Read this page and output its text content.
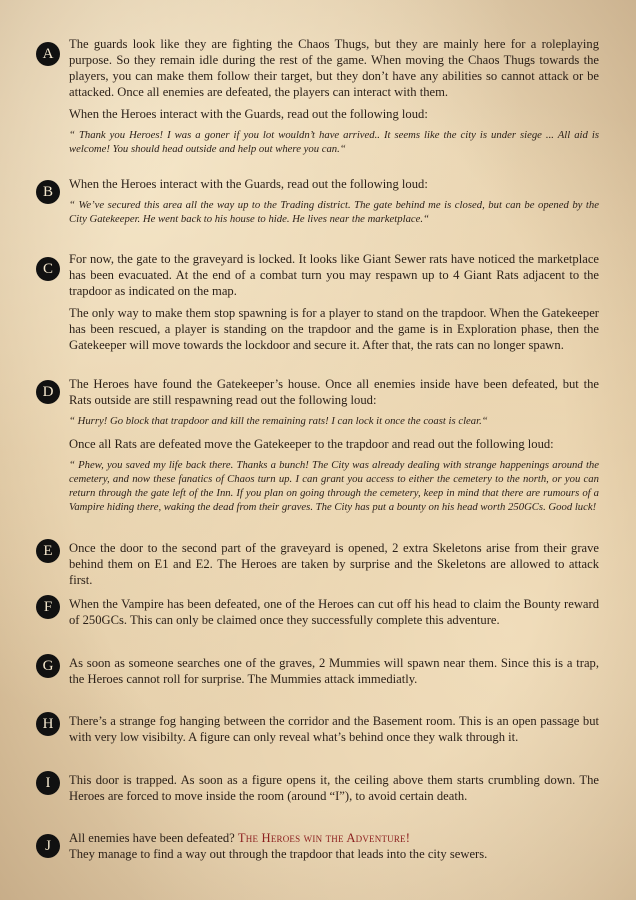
A

The guards look like they are fighting the Chaos Thugs, but they are mainly here for a roleplaying purpose. So they remain idle during the rest of the game. When moving the Chaos Thugs towards the players, you can make them follow their target, but they don’t have any abilities so cannot attack or be attacked. Once all enemies are defeated, the players can interact with them.

When the Heroes interact with the Guards, read out the following loud:

“ Thank you Heroes! I was a goner if you lot wouldn’t have arrived.. It seems like the city is under siege ... All aid is welcome! You should head outside and help out where you can.“

B	When the Heroes interact with the Guards, read out the following loud:

“ We’ve secured this area all the way up to the Trading district. The gate behind me is closed, but can be opened by the City Gatekeeper. He went back to his house to hide. He lives near the marketplace.“

C

For now, the gate to the graveyard is locked. It looks like Giant Sewer rats have noticed the marketplace has been evacuated. At the end of a combat turn you may respawn up to 4 Giant Rats adjacent to the trapdoor as indicated on the map.

The only way to make them stop spawning is for a player to stand on the trapdoor. When the Gatekeeper has been rescued, a player is standing on the trapdoor and the game is in Exploration phase, then the Gatekeeper will move towards the lockdoor and secure it. After that, the rats can no longer spawn.

D	The Heroes have found the Gatekeeper’s house. Once all enemies inside have been defeated, but the Rats outside are still respawning read out the following loud:

“ Hurry! Go block that trapdoor and kill the remaining rats! I can lock it once the coast is clear.“

Once all Rats are defeated move the Gatekeeper to the trapdoor and read out the following loud:

“ Phew, you saved my life back there. Thanks a bunch! The City was already dealing with strange happenings around the cemetery, and now these fanatics of Chaos turn up. I can grant you access to either the cemetery to the north, or you can return through the gate left of the Inn. If you plan on going through the cemetery, keep in mind that there are rumours of a Vampire hiding there, waking the dead from their graves. The City has put a bounty on his head worth 250GCs. Good luck!

E	Once the door to the second part of the graveyard is opened, 2 extra Skeletons arise from their grave behind them on E1 and E2. The Heroes are taken by surprise and the Skeletons are allowed to attack first.

F	When the Vampire has been defeated, one of the Heroes can cut off his head to claim the Bounty reward of 250GCs. This can only be claimed once they successfully complete this adventure.

G	As soon as someone searches one of the graves, 2 Mummies will spawn near them. Since this is a trap, the Heroes cannot roll for surprise. The Mummies attack immediatly.

H	There’s a strange fog hanging between the corridor and the Basement room. This is an open passage but with very low visibilty. A figure can only reveal what’s behind once they walk through it.

I	This door is trapped. As soon as a figure opens it, the ceiling above them starts crumbling down. The Heroes are forced to move inside the room (around “I”), to avoid certain death.

J	All enemies have been defeated? The Heroes win the Adventure!

They manage to find a way out through the trapdoor that leads into the city sewers.
